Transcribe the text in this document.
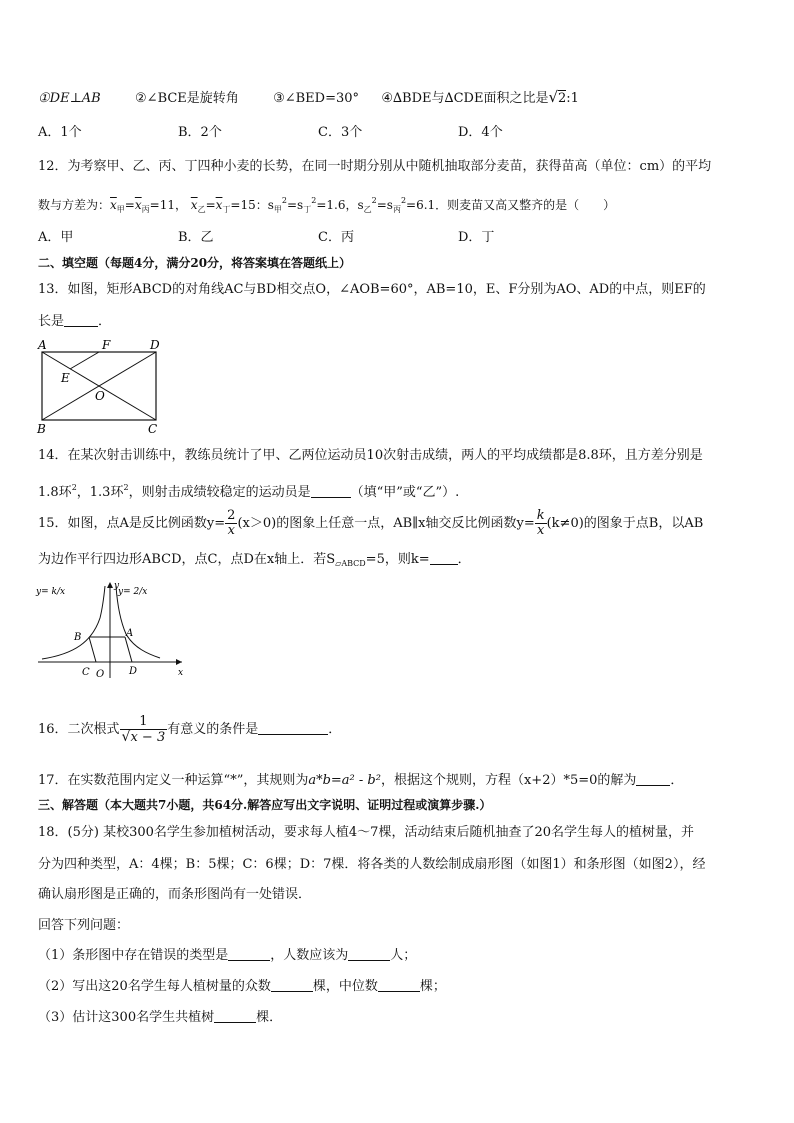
①DE⊥AB	②∠BCE是旋转角	③∠BED=30° ④∆BDE与∆CDE面积之比是√2:1
A．1个	B．2个	C．3个	D．4个
12．为考察甲、乙、丙、丁四种小麦的长势，在同一时期分别从中随机抽取部分麦苗，获得苗高（单位：cm）的平均
数与方差为：$\overline{x}_甲=\overline{x}_丙=11$， $\overline{x}_乙=\overline{x}_丁=15$：$s_甲^2=s_丁^2=1.6$，$s_乙^2=s_丙^2=6.1$．则麦苗又高又整齐的是（　　）
A．甲	B．乙	C．丙	D．丁
二、填空题（每题4分，满分20分，将答案填在答题纸上）
13．如图，矩形ABCD的对角线AC与BD相交点O，∠AOB=60°，AB=10，E、F分别为AO、AD的中点，则EF的
长是	．
A	F	D
E
O
B	C
14．在某次射击训练中，教练员统计了甲、乙两位运动员10次射击成绩，两人的平均成绩都是8.8环，且方差分别是
1.8环$^2$，1.3环$^2$，则射击成绩较稳定的运动员是	（填“甲”或“乙”）.
15．如图，点A是反比例函数$y= \frac{2}{x} (x>0)$的图象上任意一点，AB∥x轴交反比例函数$y= \frac{k}{x} (k\ne 0)$的图象于点B，以AB
为边作平行四边形ABCD，点C，点D在x轴上．若$S_{▱ABCD}=5$，则k= ．
y= k/x	y= 2/x
y
x
A
B
C O D
16．二次根式 $\frac{1}{√x - 3}$ 有意义的条件是	．
17．在实数范围内定义一种运算“*”，其规则为a*b=a² - b²，根据这个规则，方程（x+2）*5=0的解为	．
三、解答题（本大题共7小题，共64分.解答应写出文字说明、证明过程或演算步骤.）
18．(5分) 某校300名学生参加植树活动，要求每人植4～7棵，活动结束后随机抽查了20名学生每人的植树量，并
分为四种类型，A：4棵；B：5棵；C：6棵；D：7棵．将各类的人数绘制成扇形图（如图1）和条形图（如图2），经
确认扇形图是正确的，而条形图尚有一处错误．
回答下列问题：
（1）条形图中存在错误的类型是	，人数应该为	人；
（2）写出这20名学生每人植树量的众数	棵，中位数	棵；
（3）估计这300名学生共植树	棵．
